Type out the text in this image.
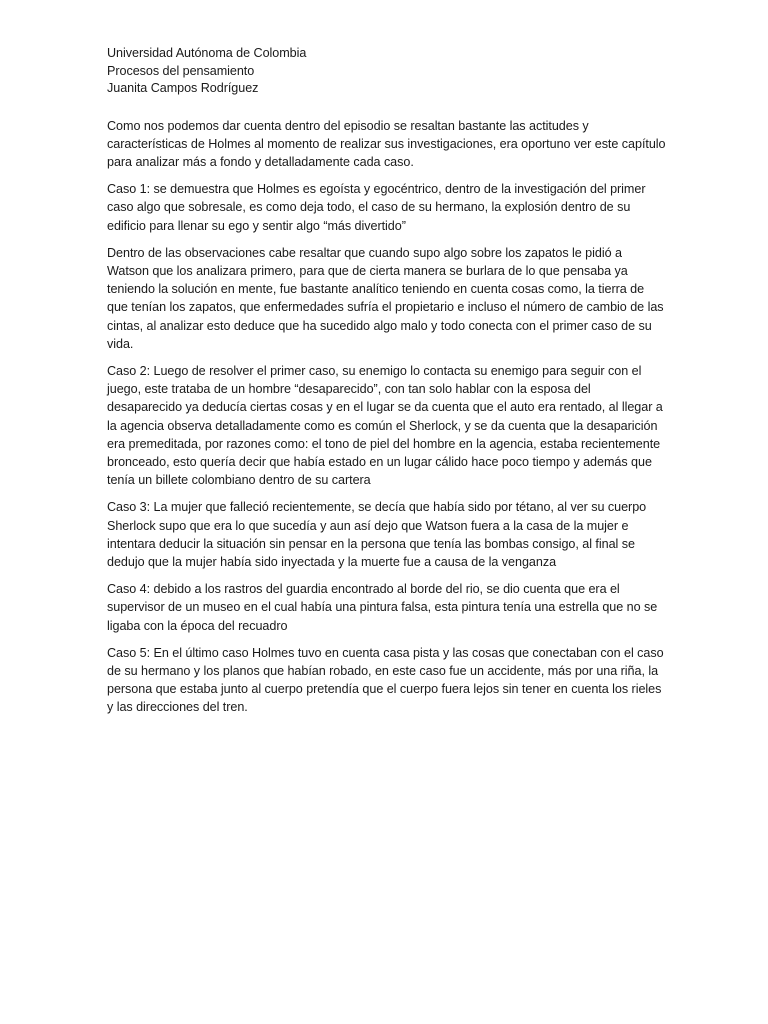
Universidad Autónoma de Colombia
Procesos del pensamiento
Juanita Campos Rodríguez

Como nos podemos dar cuenta dentro del episodio se resaltan bastante las actitudes y características de Holmes al momento de realizar sus investigaciones, era oportuno ver este capítulo para analizar más a fondo y detalladamente cada caso.

Caso 1: se demuestra que Holmes es egoísta y egocéntrico, dentro de la investigación del primer caso algo que sobresale, es como deja todo, el caso de su hermano, la explosión dentro de su edificio para llenar su ego y sentir algo “más divertido”

Dentro de las observaciones cabe resaltar que cuando supo algo sobre los zapatos le pidió a Watson que los analizara primero, para que de cierta manera se burlara de lo que pensaba ya teniendo la solución en mente, fue bastante analítico teniendo en cuenta cosas como, la tierra de que tenían los zapatos, que enfermedades sufría el propietario e incluso el número de cambio de las cintas, al analizar esto deduce que ha sucedido algo malo y todo conecta con el primer caso de su vida.

Caso 2: Luego de resolver el primer caso, su enemigo lo contacta su enemigo para seguir con el juego, este trataba de un hombre “desaparecido”, con tan solo hablar con la esposa del desaparecido ya deducía ciertas cosas y en el lugar se da cuenta que el auto era rentado, al llegar a la agencia observa detalladamente como es común el Sherlock, y se da cuenta que la desaparición era premeditada, por razones como: el tono de piel del hombre en la agencia, estaba recientemente bronceado, esto quería decir que había estado en un lugar cálido hace poco tiempo y además que tenía un billete colombiano dentro de su cartera

Caso 3: La mujer que falleció recientemente, se decía que había sido por tétano, al ver su cuerpo Sherlock supo que era lo que sucedía y aun así dejo que Watson fuera a la casa de la mujer e intentara deducir la situación sin pensar en la persona que tenía las bombas consigo, al final se dedujo que la mujer había sido inyectada y la muerte fue a causa de la venganza

Caso 4: debido a los rastros del guardia encontrado al borde del rio, se dio cuenta que era el supervisor de un museo en el cual había una pintura falsa, esta pintura tenía una estrella que no se ligaba con la época del recuadro

Caso 5: En el último caso Holmes tuvo en cuenta casa pista y las cosas que conectaban con el caso de su hermano y los planos que habían robado, en este caso fue un accidente, más por una riña, la persona que estaba junto al cuerpo pretendía que el cuerpo fuera lejos sin tener en cuenta los rieles y las direcciones del tren.
